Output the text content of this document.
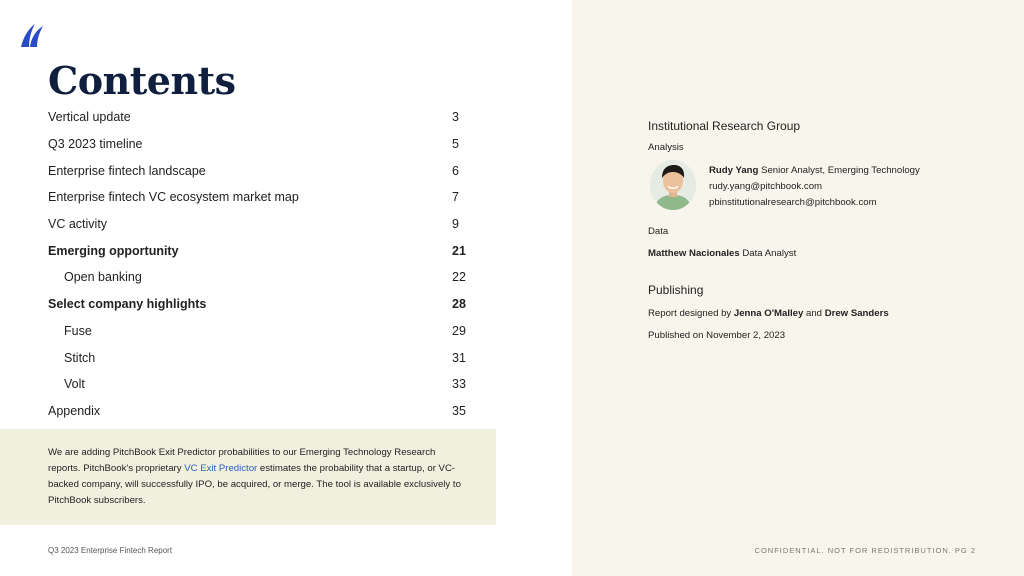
Contents
Vertical update	3
Q3 2023 timeline	5
Enterprise fintech landscape	6
Enterprise fintech VC ecosystem market map	7
VC activity	9
Emerging opportunity	21
Open banking	22
Select company highlights	28
Fuse	29
Stitch	31
Volt	33
Appendix	35

We are adding PitchBook Exit Predictor probabilities to our Emerging Technology Research reports. PitchBook's proprietary VC Exit Predictor estimates the probability that a startup, or VC-backed company, will successfully IPO, be acquired, or merge. The tool is available exclusively to PitchBook subscribers.

Q3 2023 Enterprise Fintech Report	CONFIDENTIAL. NOT FOR REDISTRIBUTION. PG 2
Institutional Research Group
Analysis
Rudy Yang Senior Analyst, Emerging Technology
rudy.yang@pitchbook.com
pbinstitutionalresearch@pitchbook.com
Data
Matthew Nacionales Data Analyst
Publishing
Report designed by Jenna O'Malley and Drew Sanders
Published on November 2, 2023
